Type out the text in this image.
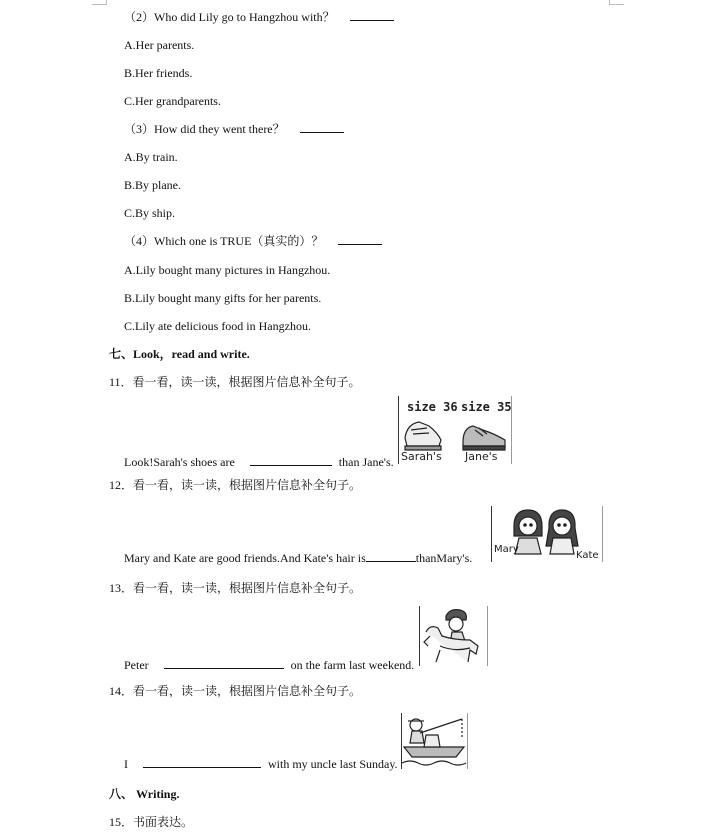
（2）Who did Lily go to Hangzhou with？
A.Her parents.
B.Her friends.
C.Her grandparents.
（3）How did they went there？
A.By train.
B.By plane.
C.By ship.
（4）Which one is TRUE（真实的）？
A.Lily bought many pictures in Hangzhou.
B.Lily bought many gifts for her parents.
C.Lily ate delicious food in Hangzhou.
七、Look，read and write.
11．看一看，读一读，根据图片信息补全句子。
size 36 size 35
Sarah's Jane's
Look!Sarah's shoes are	than Jane's.
12．看一看，读一读，根据图片信息补全句子。
Mary
Kate
Mary and Kate are good friends.And Kate's hair is	thanMary's.
13．看一看，读一读，根据图片信息补全句子。
Peter	on the farm last weekend.
14．看一看，读一读，根据图片信息补全句子。
I	with my uncle last Sunday.
八、 Writing.
15．书面表达。
